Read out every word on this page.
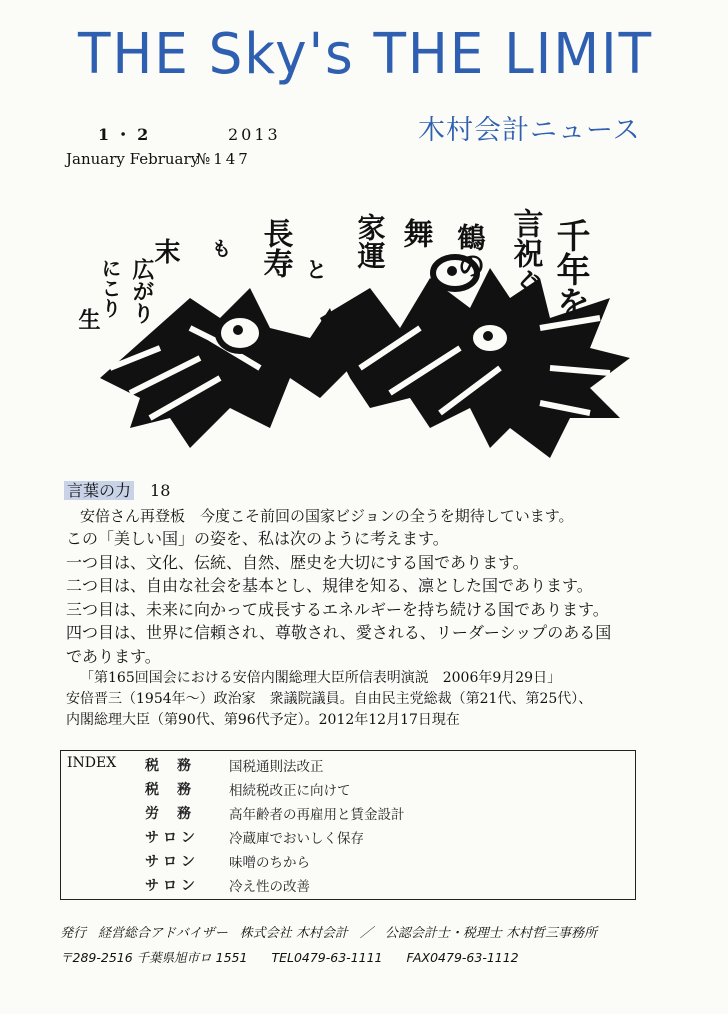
THE Sky's THE LIMIT
木村会計ニュース
1・2	2013
January February
№147
千年を
言祝ぐ
鶴の
舞
家運
と
長寿
も
末
広がり
にこり
生
言葉の力 18

安倍さん再登板　今度こそ前回の国家ビジョンの全うを期待しています。

この「美しい国」の姿を、私は次のように考えます。

一つ目は、文化、伝統、自然、歴史を大切にする国であります。

二つ目は、自由な社会を基本とし、規律を知る、凛とした国であります。

三つ目は、未来に向かって成長するエネルギーを持ち続ける国であります。

四つ目は、世界に信頼され、尊敬され、愛される、リーダーシップのある国

であります。

「第165回国会における安倍内閣総理大臣所信表明演説　2006年9月29日」

安倍晋三（1954年〜）政治家　衆議院議員。自由民主党総裁（第21代、第25代）、

内閣総理大臣（第90代、第96代予定）。2012年12月17日現在

INDEX 税務 国税通則法改正
税務 相続税改正に向けて
労務 高年齢者の再雇用と賃金設計
サロン	冷蔵庫でおいしく保存
サロン	味噌のちから
サロン	冷え性の改善
発行 経営総合アドバイザー 株式会社 木村会計 ／ 公認会計士・税理士 木村哲三事務所
〒289-2516 千葉県旭市ロ 1551 TEL0479-63-1111 FAX0479-63-1112
